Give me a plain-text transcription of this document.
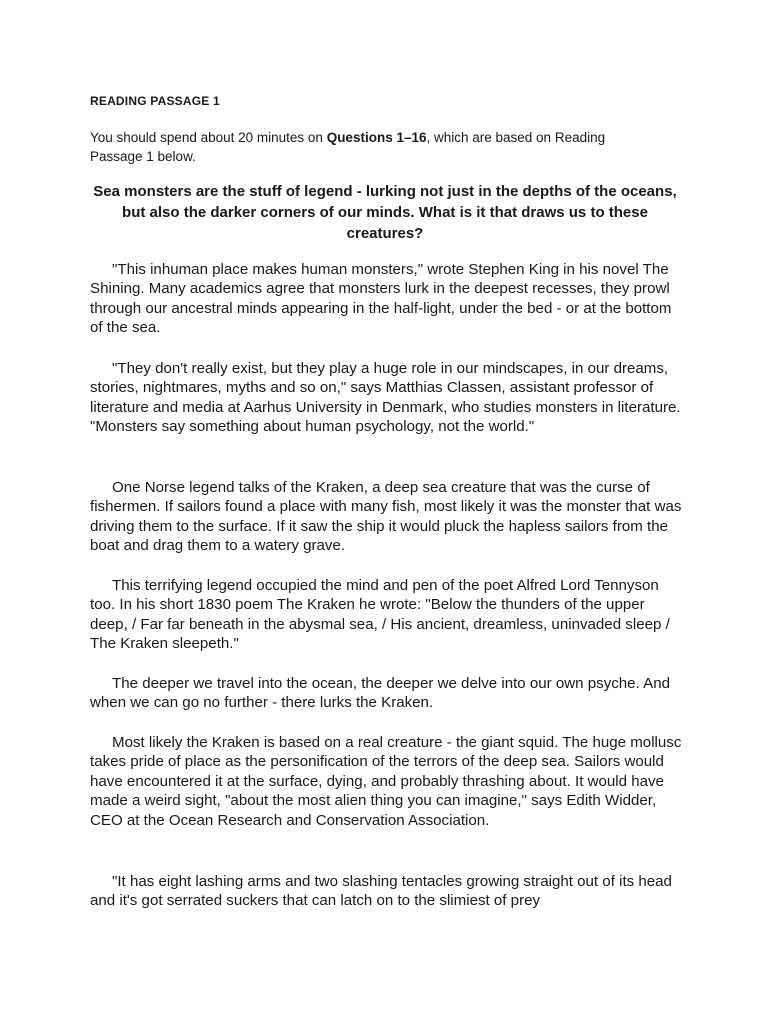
READING PASSAGE 1
You should spend about 20 minutes on Questions 1–16, which are based on Reading Passage 1 below.
Sea monsters are the stuff of legend - lurking not just in the depths of the oceans, but also the darker corners of our minds. What is it that draws us to these creatures?

"This inhuman place makes human monsters," wrote Stephen King in his novel The Shining. Many academics agree that monsters lurk in the deepest recesses, they prowl through our ancestral minds appearing in the half-light, under the bed - or at the bottom of the sea.

"They don't really exist, but they play a huge role in our mindscapes, in our dreams, stories, nightmares, myths and so on," says Matthias Classen, assistant professor of literature and media at Aarhus University in Denmark, who studies monsters in literature. "Monsters say something about human psychology, not the world."

One Norse legend talks of the Kraken, a deep sea creature that was the curse of fishermen. If sailors found a place with many fish, most likely it was the monster that was driving them to the surface. If it saw the ship it would pluck the hapless sailors from the boat and drag them to a watery grave.

This terrifying legend occupied the mind and pen of the poet Alfred Lord Tennyson too. In his short 1830 poem The Kraken he wrote: "Below the thunders of the upper deep, / Far far beneath in the abysmal sea, / His ancient, dreamless, uninvaded sleep / The Kraken sleepeth."

The deeper we travel into the ocean, the deeper we delve into our own psyche. And when we can go no further - there lurks the Kraken.

Most likely the Kraken is based on a real creature - the giant squid. The huge mollusc takes pride of place as the personification of the terrors of the deep sea. Sailors would have encountered it at the surface, dying, and probably thrashing about. It would have made a weird sight, "about the most alien thing you can imagine," says Edith Widder, CEO at the Ocean Research and Conservation Association.

"It has eight lashing arms and two slashing tentacles growing straight out of its head and it's got serrated suckers that can latch on to the slimiest of prey
